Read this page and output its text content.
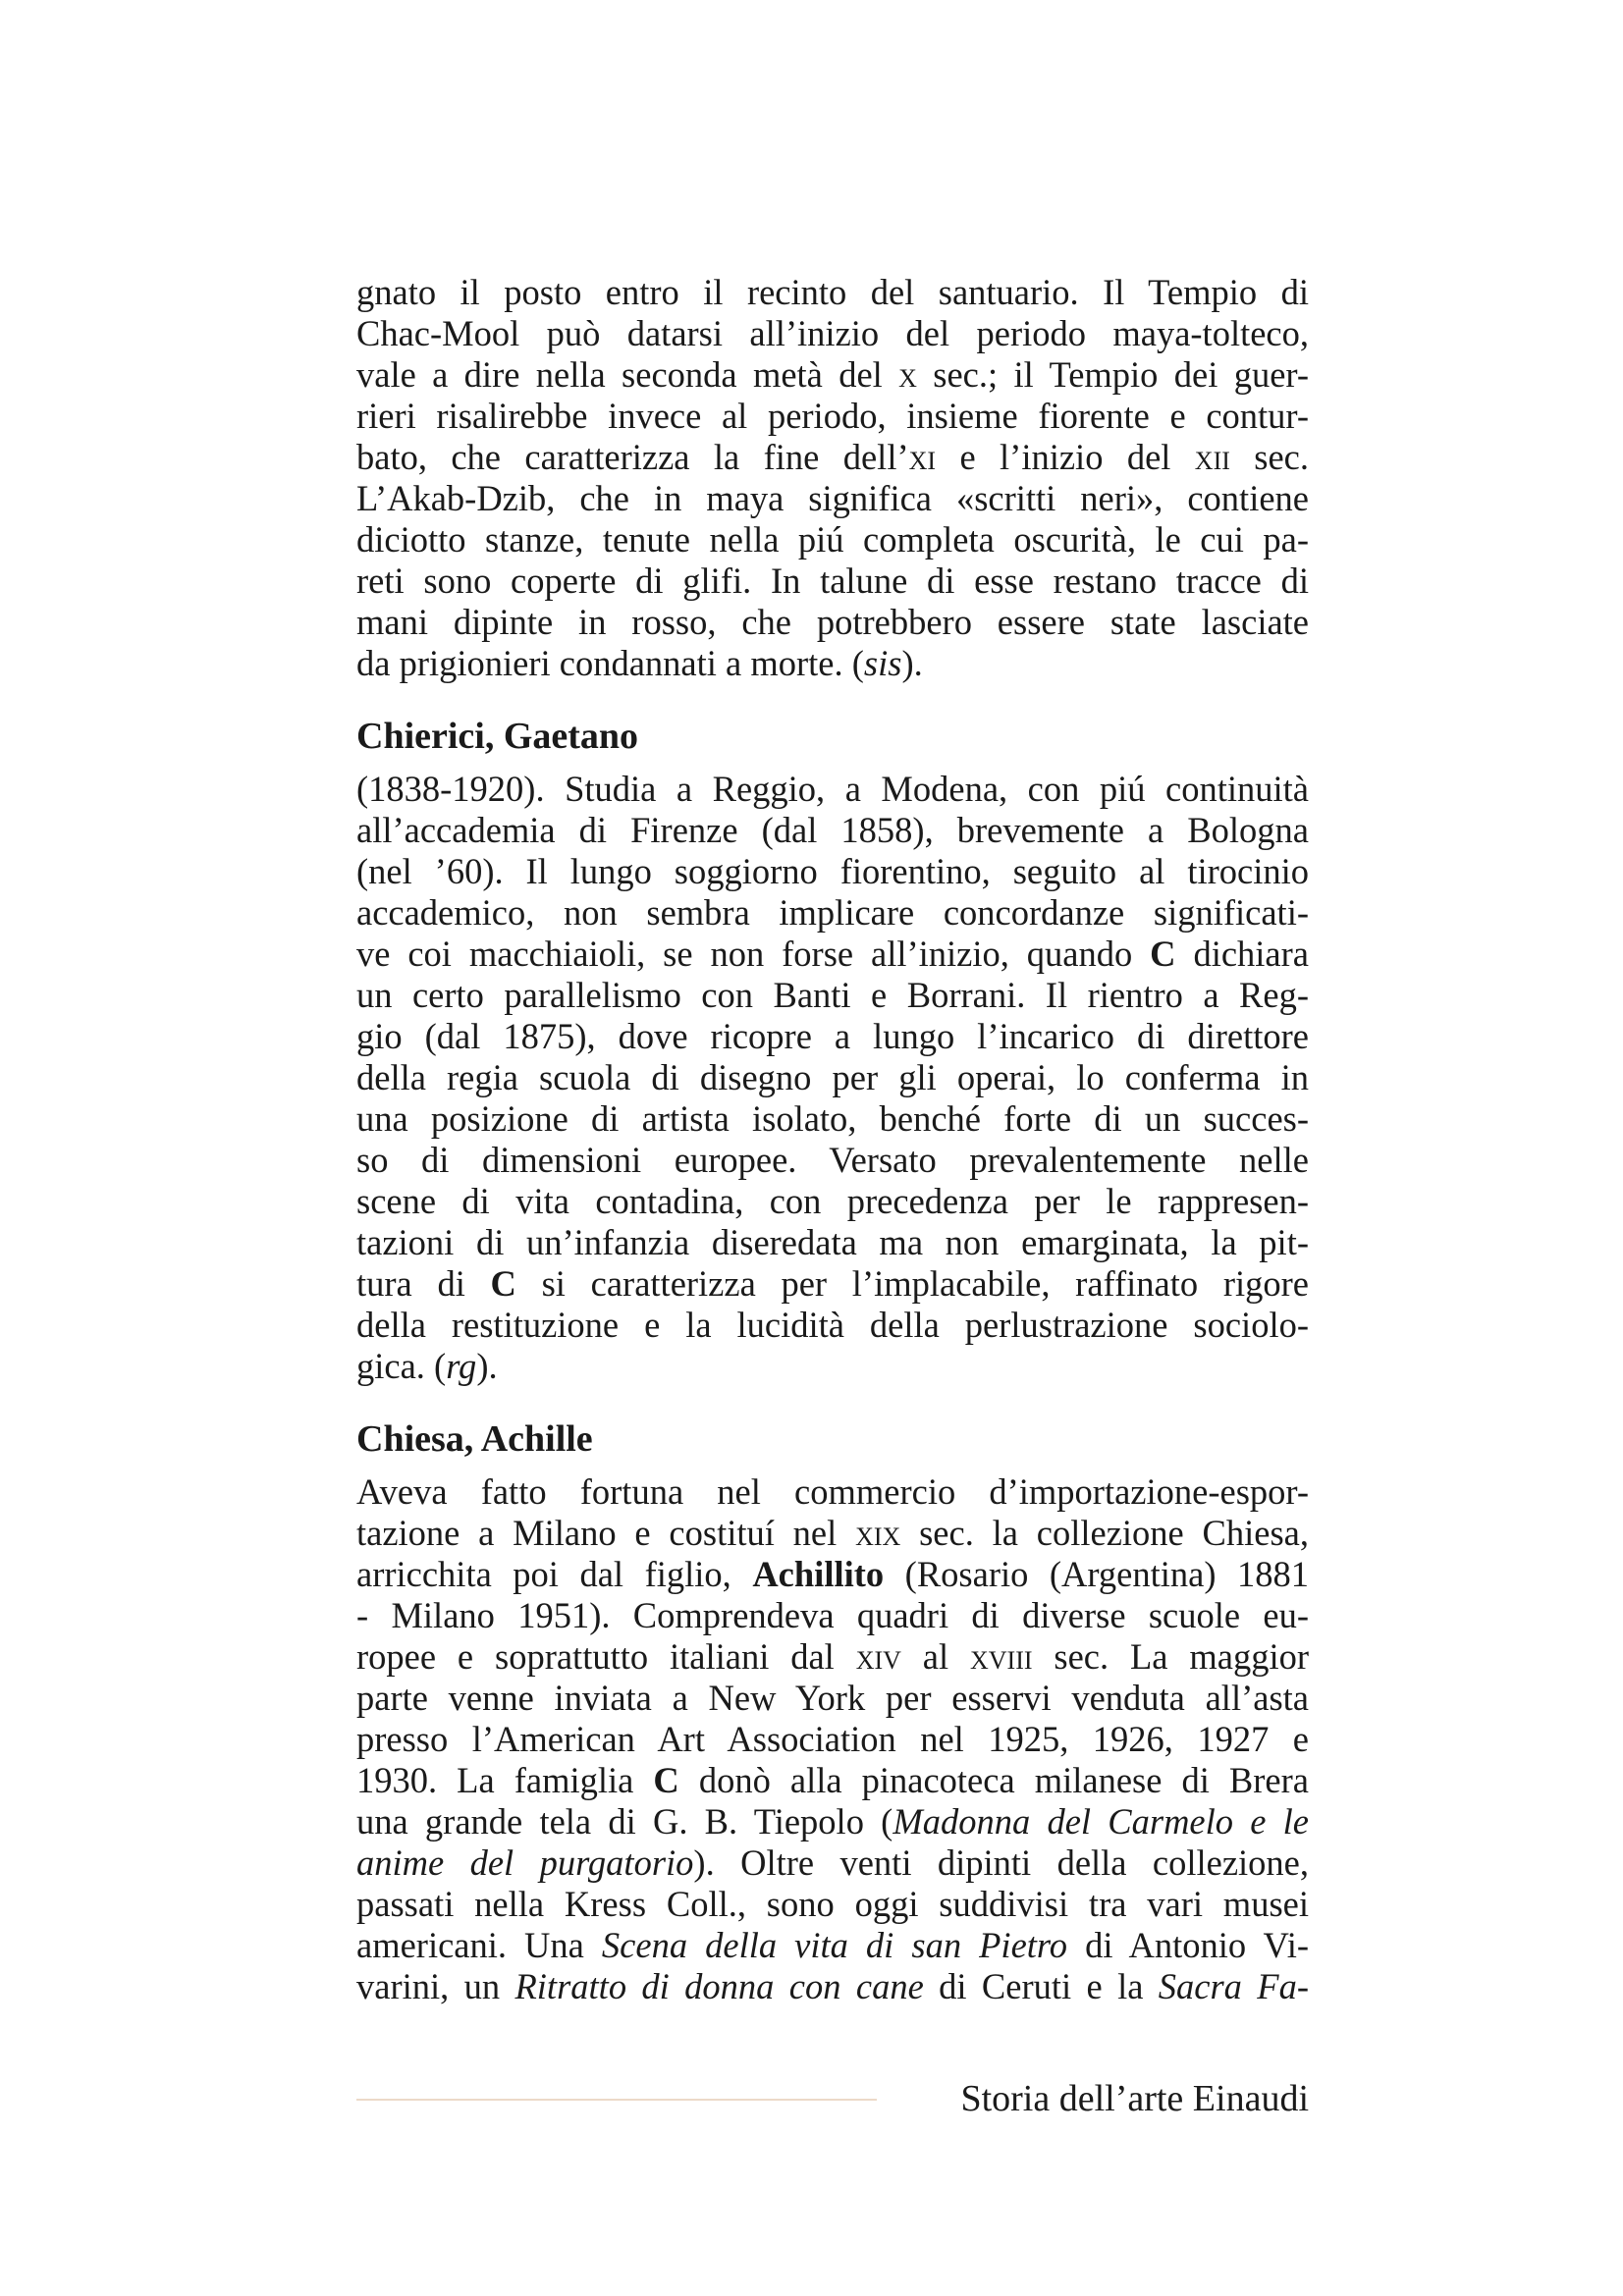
gnato il posto entro il recinto del santuario. Il Tempio di
Chac-Mool può datarsi all’inizio del periodo maya-tolteco,
vale a dire nella seconda metà del x sec.; il Tempio dei guer-
rieri risalirebbe invece al periodo, insieme fiorente e contur-
bato, che caratterizza la fine dell’xi e l’inizio del xii sec.
L’Akab-Dzib, che in maya significa «scritti neri», contiene
diciotto stanze, tenute nella piú completa oscurità, le cui pa-
reti sono coperte di glifi. In talune di esse restano tracce di
mani dipinte in rosso, che potrebbero essere state lasciate
da prigionieri condannati a morte. (sis).
Chierici, Gaetano
(1838-1920). Studia a Reggio, a Modena, con piú continuità
all’accademia di Firenze (dal 1858), brevemente a Bologna
(nel ’60). Il lungo soggiorno fiorentino, seguito al tirocinio
accademico, non sembra implicare concordanze significati-
ve coi macchiaioli, se non forse all’inizio, quando C dichiara
un certo parallelismo con Banti e Borrani. Il rientro a Reg-
gio (dal 1875), dove ricopre a lungo l’incarico di direttore
della regia scuola di disegno per gli operai, lo conferma in
una posizione di artista isolato, benché forte di un succes-
so di dimensioni europee. Versato prevalentemente nelle
scene di vita contadina, con precedenza per le rappresen-
tazioni di un’infanzia diseredata ma non emarginata, la pit-
tura di C si caratterizza per l’implacabile, raffinato rigore
della restituzione e la lucidità della perlustrazione sociolo-
gica. (rg).
Chiesa, Achille
Aveva fatto fortuna nel commercio d’importazione-espor-
tazione a Milano e costituí nel xix sec. la collezione Chiesa,
arricchita poi dal figlio, Achillito (Rosario (Argentina) 1881
- Milano 1951). Comprendeva quadri di diverse scuole eu-
ropee e soprattutto italiani dal xiv al xviii sec. La maggior
parte venne inviata a New York per esservi venduta all’asta
presso l’American Art Association nel 1925, 1926, 1927 e
1930. La famiglia C donò alla pinacoteca milanese di Brera
una grande tela di G. B. Tiepolo (Madonna del Carmelo e le
anime del purgatorio). Oltre venti dipinti della collezione,
passati nella Kress Coll., sono oggi suddivisi tra vari musei
americani. Una Scena della vita di san Pietro di Antonio Vi-
varini, un Ritratto di donna con cane di Ceruti e la Sacra Fa-
Storia dell’arte Einaudi
